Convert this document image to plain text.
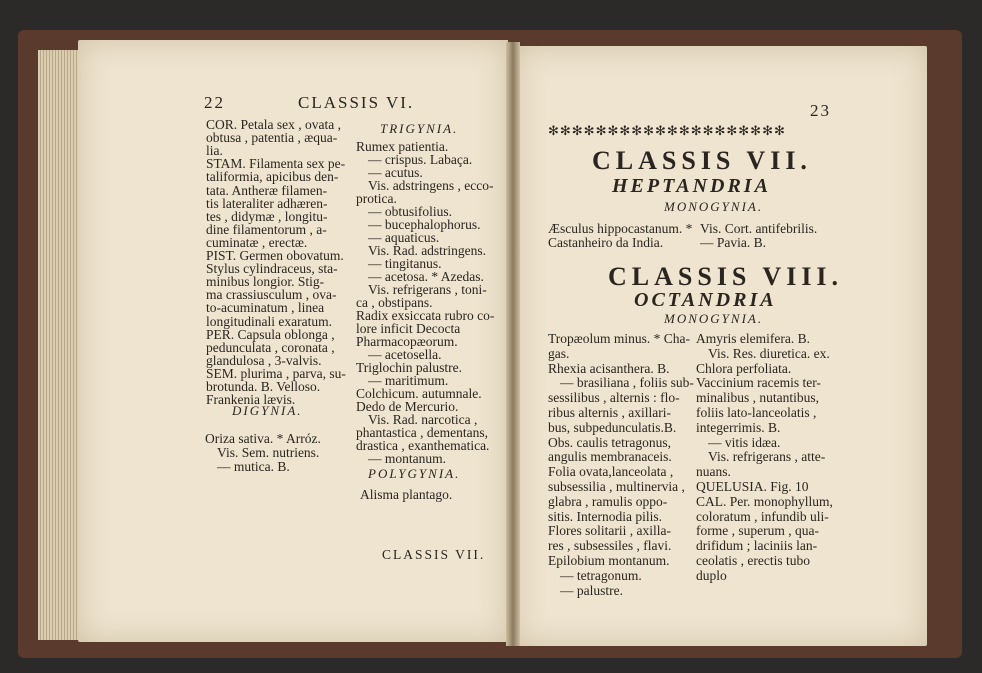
22	CLASSIS VI.
COR. Petala sex , ovata ,
obtusa , patentia , æqua-
lia.
STAM. Filamenta sex pe-
taliformia, apicibus den-
tata. Antheræ filamen-
tis lateraliter adhæren-
tes , didymæ , longitu-
dine filamentorum , a-
cuminatæ , erectæ.
PIST. Germen obovatum.
Stylus cylindraceus, sta-
minibus longior. Stig-
ma crassiusculum , ova-
to-acuminatum , linea
longitudinali exaratum.
PER. Capsula oblonga ,
pedunculata , coronata ,
glandulosa , 3-valvis.
SEM. plurima , parva, su-
brotunda. B. Velloso.
Frankenia lævis.
DIGYNIA.
Oriza sativa. * Arróz.
Vis. Sem. nutriens.
— mutica. B.
TRIGYNIA.
Rumex patientia.
— crispus. Labaça.
— acutus.
Vis. adstringens , ecco-
protica.
— obtusifolius.
— bucephalophorus.
— aquaticus.
Vis. Rad. adstringens.
— tingitanus.
— acetosa. * Azedas.
Vis. refrigerans , toni-
ca , obstipans.
Radix exsiccata rubro co-
lore inficit Decocta
Pharmacopæorum.
— acetosella.
Triglochin palustre.
— maritimum.
Colchicum. autumnale.
Dedo de Mercurio.
Vis. Rad. narcotica ,
phantastica , dementans,
drastica , exanthematica.
— montanum.
POLYGYNIA.
Alisma plantago.
CLASSIS VII.
23
✻✻✻✻✻✻✻✻✻✻✻✻✻✻✻✻✻✻✻✻
CLASSIS VII.
HEPTANDRIA
MONOGYNIA.
Æsculus hippocastanum. *
Castanheiro da India.
Vis. Cort. antifebrilis.
— Pavia. B.
CLASSIS VIII.
OCTANDRIA
MONOGYNIA.
Tropæolum minus. * Cha-
gas.
Rhexia acisanthera. B.
— brasiliana , foliis sub-
sessilibus , alternis : flo-
ribus alternis , axillari-
bus, subpedunculatis.B.
Obs. caulis tetragonus,
angulis membranaceis.
Folia ovata,lanceolata ,
subsessilia , multinervia ,
glabra , ramulis oppo-
sitis. Internodia pilis.
Flores solitarii , axilla-
res , subsessiles , flavi.
Epilobium montanum.
— tetragonum.
— palustre.
Amyris elemifera. B.
Vis. Res. diuretica. ex.
Chlora perfoliata.
Vaccinium racemis ter-
minalibus , nutantibus,
foliis lato-lanceolatis ,
integerrimis. B.
— vitis idæa.
Vis. refrigerans , atte-
nuans.
QUELUSIA. Fig. 10
CAL. Per. monophyllum,
coloratum , infundib uli-
forme , superum , qua-
drifidum ; laciniis lan-
ceolatis , erectis tubo
duplo
